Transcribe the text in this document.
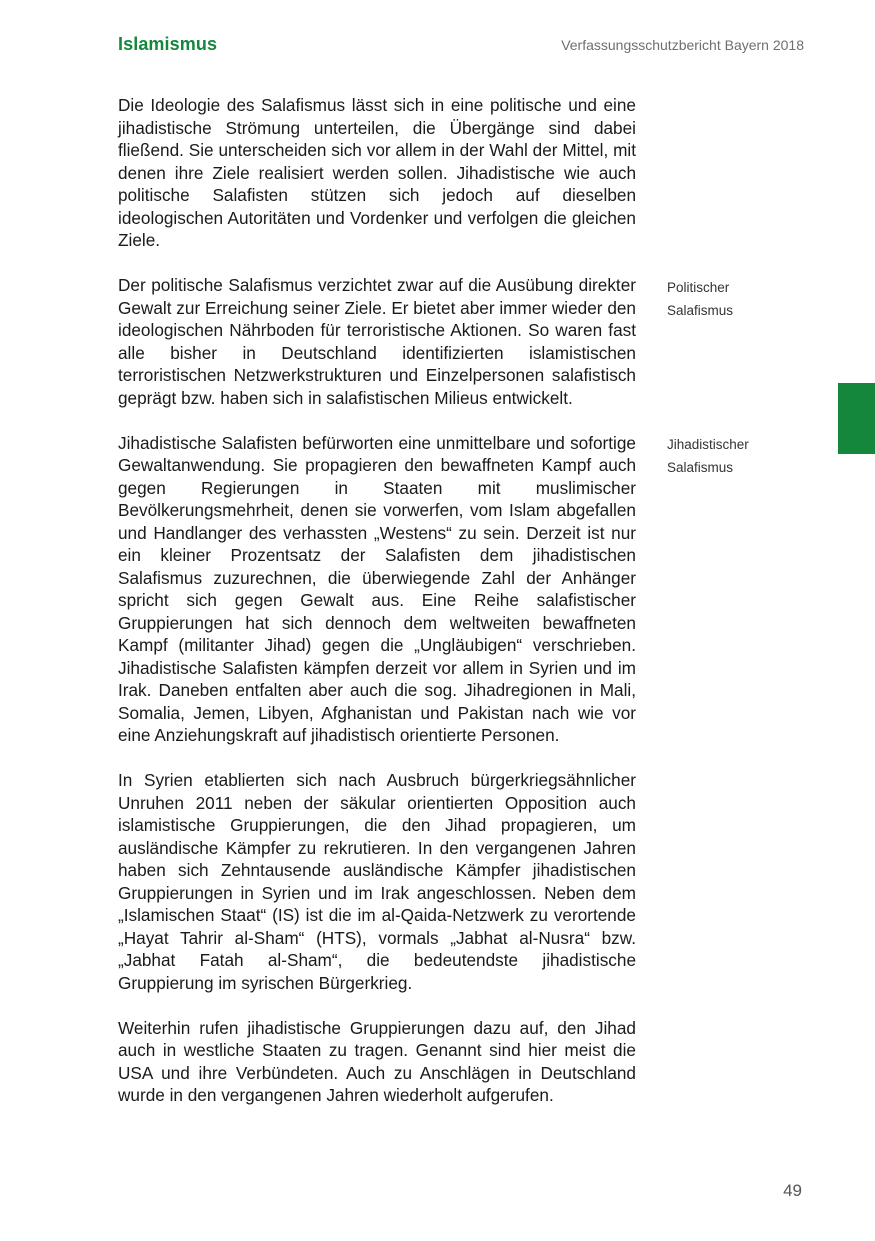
Islamismus	Verfassungsschutzbericht Bayern 2018

Die Ideologie des Salafismus lässt sich in eine politische und eine jihadistische Strömung unterteilen, die Übergänge sind dabei fließend. Sie unterscheiden sich vor allem in der Wahl der Mittel, mit denen ihre Ziele realisiert werden sollen. Jihadistische wie auch politische Salafisten stützen sich jedoch auf dieselben ideologischen Autoritäten und Vordenker und verfolgen die gleichen Ziele.

Der politische Salafismus verzichtet zwar auf die Ausübung direkter Gewalt zur Erreichung seiner Ziele. Er bietet aber immer wieder den ideologischen Nährboden für terroristische Aktionen. So waren fast alle bisher in Deutschland identifizierten islamistischen terroristischen Netzwerkstrukturen und Einzelpersonen salafistisch geprägt bzw. haben sich in salafistischen Milieus entwickelt.

Jihadistische Salafisten befürworten eine unmittelbare und sofortige Gewaltanwendung. Sie propagieren den bewaffneten Kampf auch gegen Regierungen in Staaten mit muslimischer Bevölkerungsmehrheit, denen sie vorwerfen, vom Islam abgefallen und Handlanger des verhassten „Westens“ zu sein. Derzeit ist nur ein kleiner Prozentsatz der Salafisten dem jihadistischen Salafismus zuzurechnen, die überwiegende Zahl der Anhänger spricht sich gegen Gewalt aus. Eine Reihe salafistischer Gruppierungen hat sich dennoch dem weltweiten bewaffneten Kampf (militanter Jihad) gegen die „Ungläubigen“ verschrieben. Jihadistische Salafisten kämpfen derzeit vor allem in Syrien und im Irak. Daneben entfalten aber auch die sog. Jihadregionen in Mali, Somalia, Jemen, Libyen, Afghanistan und Pakistan nach wie vor eine Anziehungskraft auf jihadistisch orientierte Personen.

In Syrien etablierten sich nach Ausbruch bürgerkriegsähnlicher Unruhen 2011 neben der säkular orientierten Opposition auch islamistische Gruppierungen, die den Jihad propagieren, um ausländische Kämpfer zu rekrutieren. In den vergangenen Jahren haben sich Zehntausende ausländische Kämpfer jihadistischen Gruppierungen in Syrien und im Irak angeschlossen. Neben dem „Islamischen Staat“ (IS) ist die im al-Qaida-Netzwerk zu verortende „Hayat Tahrir al-Sham“ (HTS), vormals „Jabhat al-Nusra“ bzw. „Jabhat Fatah al-Sham“, die bedeutendste jihadistische Gruppierung im syrischen Bürgerkrieg.

Weiterhin rufen jihadistische Gruppierungen dazu auf, den Jihad auch in westliche Staaten zu tragen. Genannt sind hier meist die USA und ihre Verbündeten. Auch zu Anschlägen in Deutschland wurde in den vergangenen Jahren wiederholt aufgerufen.

Politischer
Salafismus
Jihadistischer
Salafismus
49
